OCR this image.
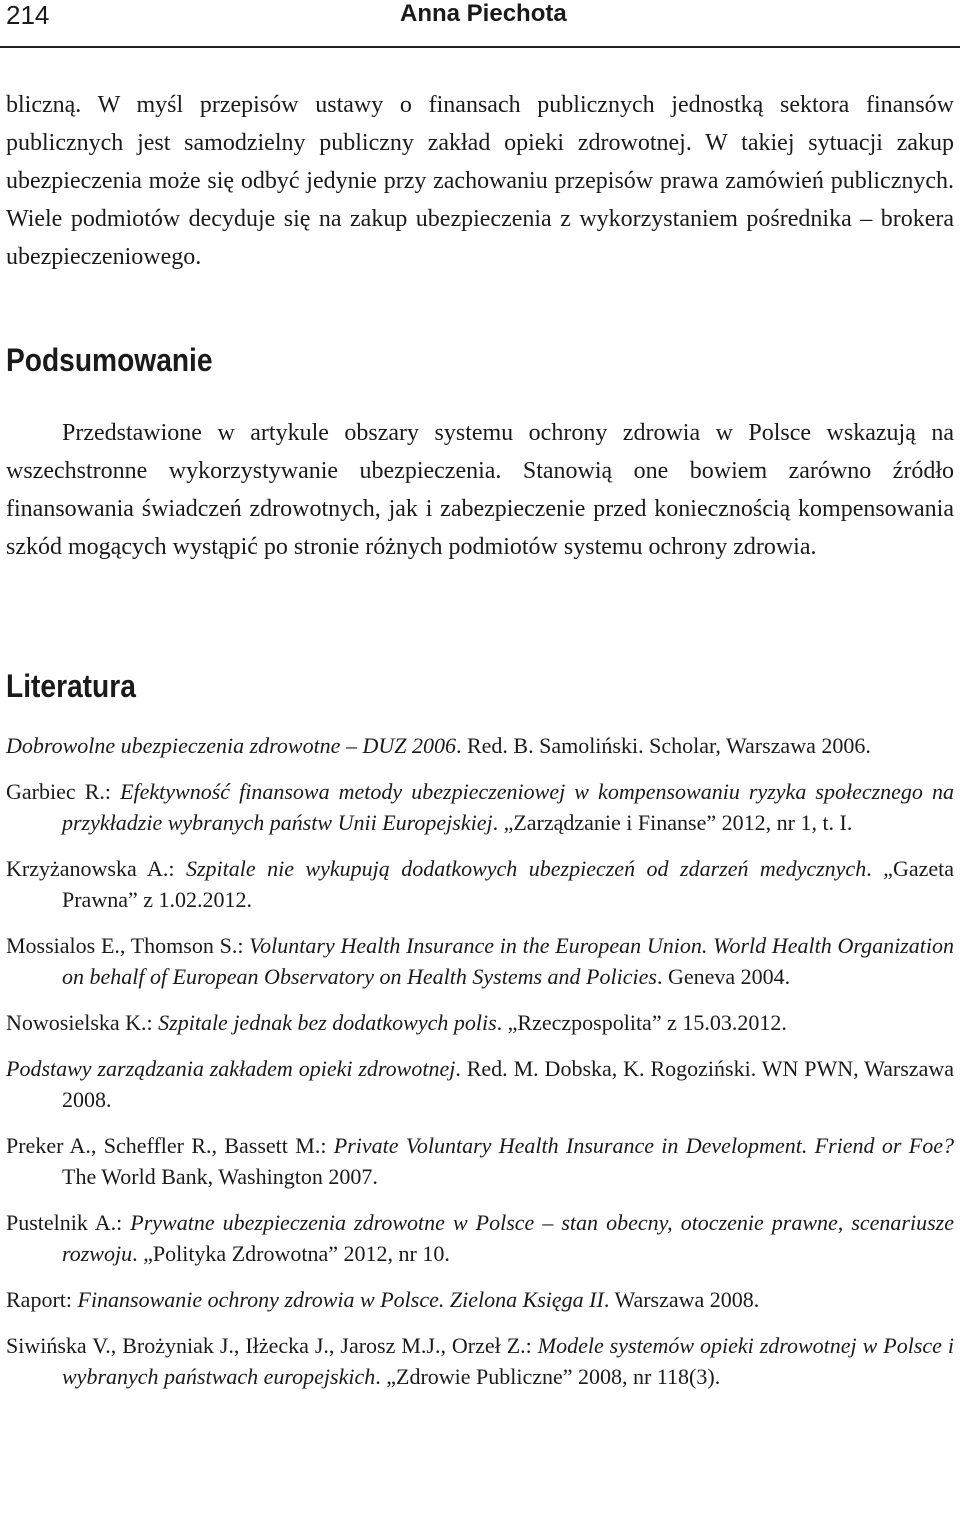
214	Anna Piechota

bliczną. W myśl przepisów ustawy o finansach publicznych jednostką sektora finansów publicznych jest samodzielny publiczny zakład opieki zdrowotnej. W takiej sytuacji zakup ubezpieczenia może się odbyć jedynie przy zachowaniu przepisów prawa zamówień publicznych. Wiele podmiotów decyduje się na zakup ubezpieczenia z wykorzystaniem pośrednika – brokera ubezpieczeniowego.

Podsumowanie

Przedstawione w artykule obszary systemu ochrony zdrowia w Polsce wskazują na wszechstronne wykorzystywanie ubezpieczenia. Stanowią one bowiem zarówno źródło finansowania świadczeń zdrowotnych, jak i zabezpieczenie przed koniecznością kompensowania szkód mogących wystąpić po stronie różnych podmiotów systemu ochrony zdrowia.

Literatura

Dobrowolne ubezpieczenia zdrowotne – DUZ 2006. Red. B. Samoliński. Scholar, Warszawa 2006.

Garbiec R.: Efektywność finansowa metody ubezpieczeniowej w kompensowaniu ryzyka społecznego na przykładzie wybranych państw Unii Europejskiej. „Zarządzanie i Finanse” 2012, nr 1, t. I.

Krzyżanowska A.: Szpitale nie wykupują dodatkowych ubezpieczeń od zdarzeń medycznych. „Gazeta Prawna” z 1.02.2012.

Mossialos E., Thomson S.: Voluntary Health Insurance in the European Union. World Health Organization on behalf of European Observatory on Health Systems and Policies. Geneva 2004.

Nowosielska K.: Szpitale jednak bez dodatkowych polis. „Rzeczpospolita” z 15.03.2012.

Podstawy zarządzania zakładem opieki zdrowotnej. Red. M. Dobska, K. Rogoziński. WN PWN, Warszawa 2008.

Preker A., Scheffler R., Bassett M.: Private Voluntary Health Insurance in Development. Friend or Foe? The World Bank, Washington 2007.

Pustelnik A.: Prywatne ubezpieczenia zdrowotne w Polsce – stan obecny, otoczenie prawne, scenariusze rozwoju. „Polityka Zdrowotna” 2012, nr 10.

Raport: Finansowanie ochrony zdrowia w Polsce. Zielona Księga II. Warszawa 2008.

Siwińska V., Brożyniak J., Iłżecka J., Jarosz M.J., Orzeł Z.: Modele systemów opieki zdrowotnej w Polsce i wybranych państwach europejskich. „Zdrowie Publiczne” 2008, nr 118(3).
